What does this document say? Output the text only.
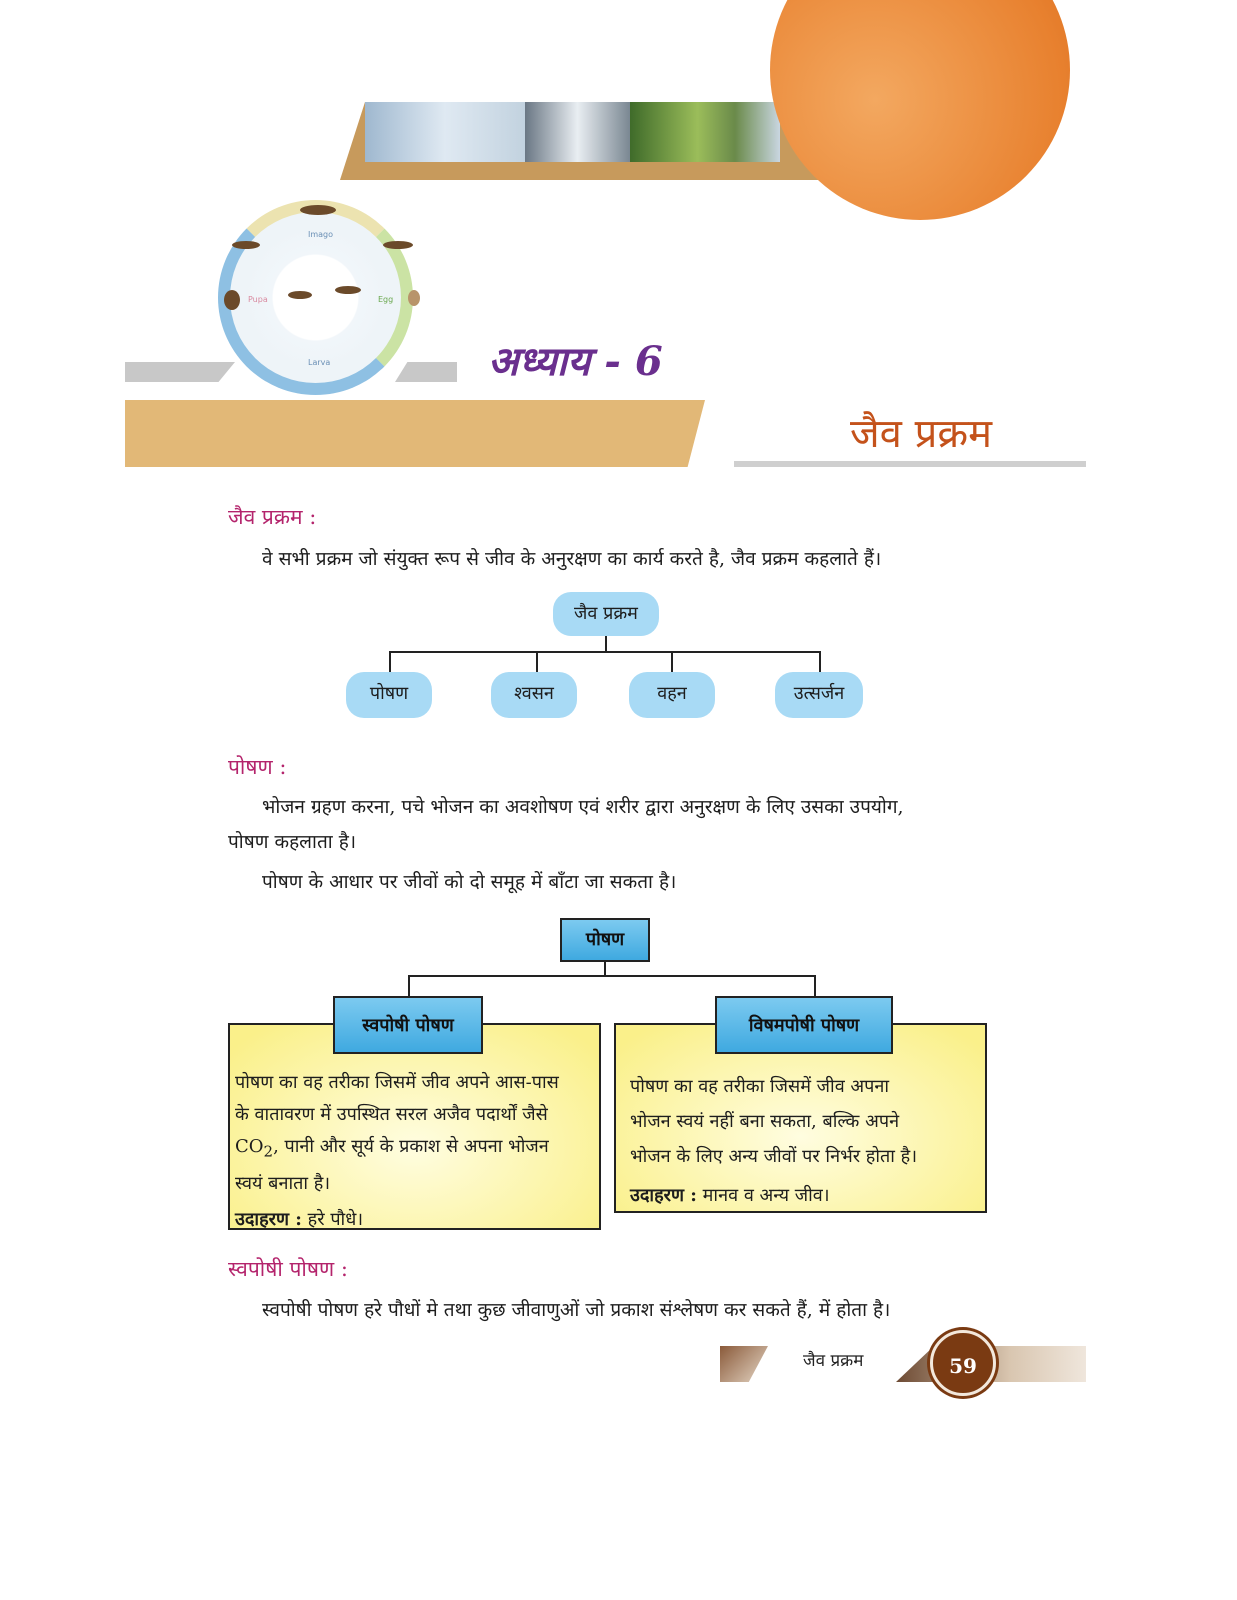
Imago
Egg
Larva
Pupa
अध्याय - 6
जैव प्रक्रम
जैव प्रक्रम :
वे सभी प्रक्रम जो संयुक्त रूप से जीव के अनुरक्षण का कार्य करते है, जैव प्रक्रम कहलाते हैं।
जैव प्रक्रम
पोषण	श्वसन	वहन	उत्सर्जन
पोषण :
भोजन ग्रहण करना, पचे भोजन का अवशोषण एवं शरीर द्वारा अनुरक्षण के लिए उसका उपयोग,
पोषण कहलाता है।
पोषण के आधार पर जीवों को दो समूह में बाँटा जा सकता है।
पोषण
पोषण का वह तरीका जिसमें जीव अपने आस-पास
के वातावरण में उपस्थित सरल अजैव पदार्थों जैसे
$CO_2$, पानी और सूर्य के प्रकाश से अपना भोजन
स्वयं बनाता है।
उदाहरण : हरे पौधे।
स्वपोषी पोषण
पोषण का वह तरीका जिसमें जीव अपना
भोजन स्वयं नहीं बना सकता, बल्कि अपने
भोजन के लिए अन्य जीवों पर निर्भर होता है।
उदाहरण : मानव व अन्य जीव।
विषमपोषी पोषण
स्वपोषी पोषण :
स्वपोषी पोषण हरे पौधों मे तथा कुछ जीवाणुओं जो प्रकाश संश्लेषण कर सकते हैं, में होता है।
जैव प्रक्रम	59
